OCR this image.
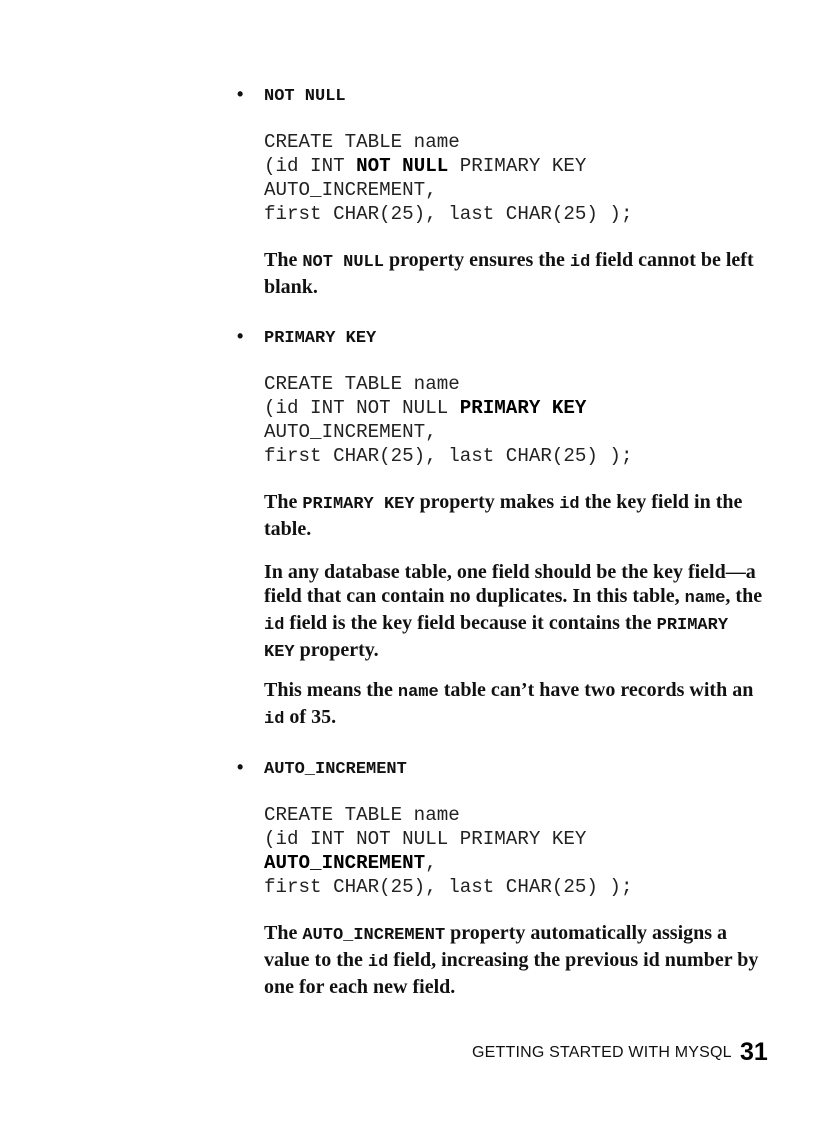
• NOT NULL
CREATE TABLE name
(id INT NOT NULL PRIMARY KEY
AUTO_INCREMENT,
first CHAR(25), last CHAR(25) );
The NOT NULL property ensures the id field cannot be left blank.
• PRIMARY KEY
CREATE TABLE name
(id INT NOT NULL PRIMARY KEY
AUTO_INCREMENT,
first CHAR(25), last CHAR(25) );
The PRIMARY KEY property makes id the key field in the table.
In any database table, one field should be the key field—a field that can contain no duplicates. In this table, name, the id field is the key field because it contains the PRIMARY KEY property.
This means the name table can’t have two records with an id of 35.
• AUTO_INCREMENT
CREATE TABLE name
(id INT NOT NULL PRIMARY KEY
AUTO_INCREMENT,
first CHAR(25), last CHAR(25) );
The AUTO_INCREMENT property automatically assigns a value to the id field, increasing the previous id number by one for each new field.
GETTING STARTED WITH MYSQL 31
